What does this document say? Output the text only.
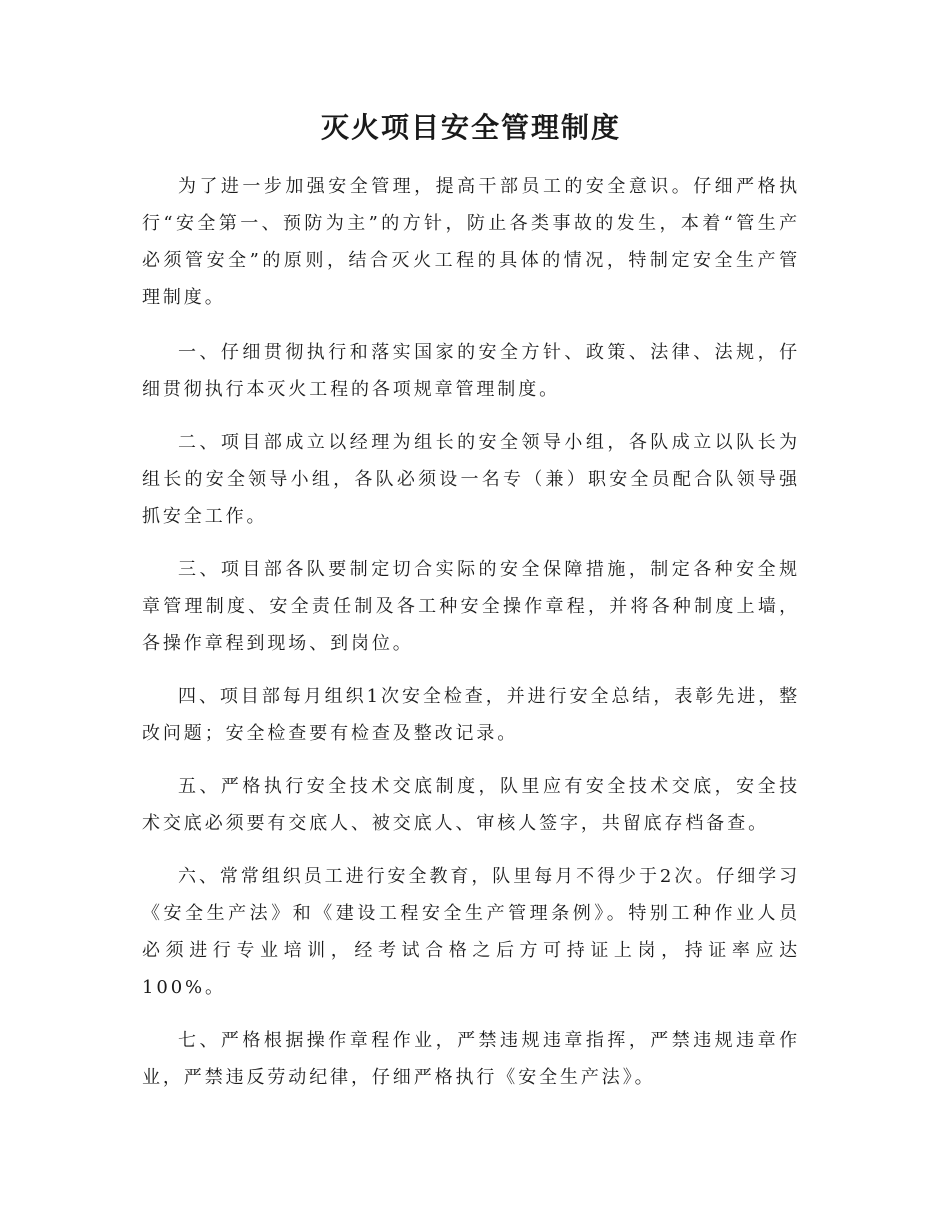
灭火项目安全管理制度

为了进一步加强安全管理，提高干部员工的安全意识。仔细严格执行“安全第一、预防为主”的方针，防止各类事故的发生，本着“管生产必须管安全”的原则，结合灭火工程的具体的情况，特制定安全生产管理制度。

一、仔细贯彻执行和落实国家的安全方针、政策、法律、法规，仔细贯彻执行本灭火工程的各项规章管理制度。

二、项目部成立以经理为组长的安全领导小组，各队成立以队长为组长的安全领导小组，各队必须设一名专（兼）职安全员配合队领导强抓安全工作。

三、项目部各队要制定切合实际的安全保障措施，制定各种安全规章管理制度、安全责任制及各工种安全操作章程，并将各种制度上墙，各操作章程到现场、到岗位。

四、项目部每月组织1次安全检查，并进行安全总结，表彰先进，整改问题；安全检查要有检查及整改记录。

五、严格执行安全技术交底制度，队里应有安全技术交底，安全技术交底必须要有交底人、被交底人、审核人签字，共留底存档备查。

六、常常组织员工进行安全教育，队里每月不得少于2次。仔细学习《安全生产法》和《建设工程安全生产管理条例》。特别工种作业人员必须进行专业培训，经考试合格之后方可持证上岗，持证率应达100%。

七、严格根据操作章程作业，严禁违规违章指挥，严禁违规违章作业，严禁违反劳动纪律，仔细严格执行《安全生产法》。
